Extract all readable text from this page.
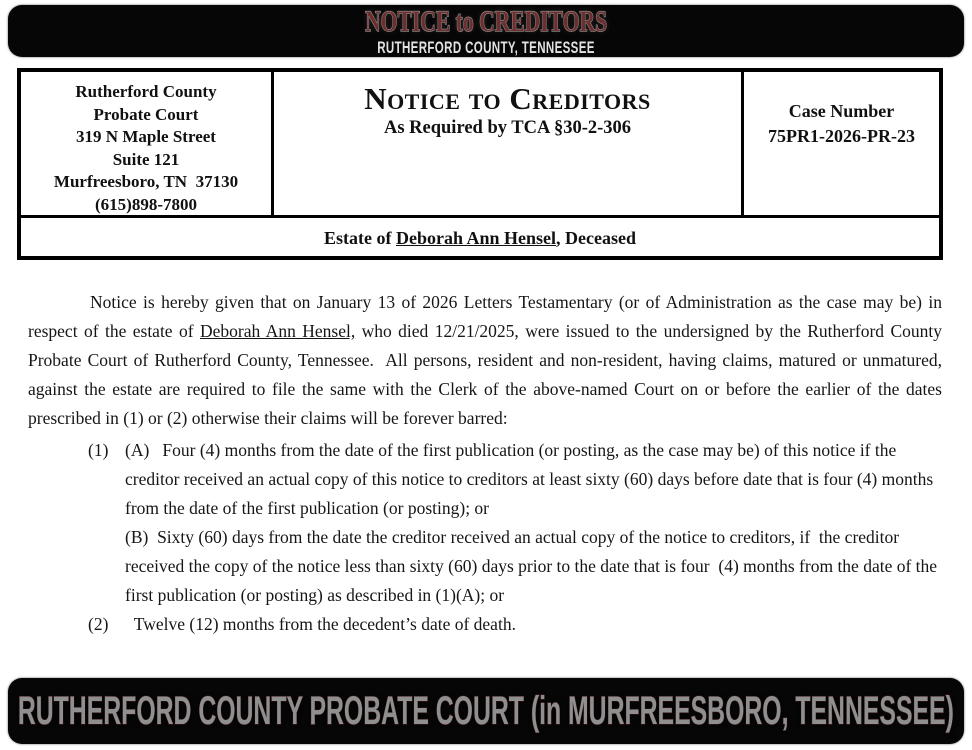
NOTICE to CREDITORS
RUTHERFORD COUNTY, TENNESSEE
Rutherford County
Probate Court
319 N Maple Street
Suite 121
Murfreesboro, TN  37130
(615)898-7800
Notice to Creditors
As Required by TCA §30-2-306
Case Number
75PR1-2026-PR-23
Estate of Deborah Ann Hensel , Deceased
Notice is hereby given that on January 13 of 2026 Letters Testamentary (or of Administration as the case may be) in respect of the estate of Deborah Ann Hensel, who died 12/21/2025, were issued to the undersigned by the Rutherford County Probate Court of Rutherford County, Tennessee.  All persons, resident and non-resident, having claims, matured or unmatured, against the estate are required to file the same with the Clerk of the above-named Court on or before the earlier of the dates prescribed in (1) or (2) otherwise their claims will be forever barred:
(1) (A)   Four (4) months from the date of the first publication (or posting, as the case may be) of this notice if the creditor received an actual copy of this notice to creditors at least sixty (60) days before date that is four (4) months from the date of the first publication (or posting); or
(B)  Sixty (60) days from the date the creditor received an actual copy of the notice to creditors, if  the creditor received the copy of the notice less than sixty (60) days prior to the date that is four  (4) months from the date of the first publication (or posting) as described in (1)(A); or
(2) Twelve (12) months from the decedent’s date of death.
RUTHERFORD COUNTY PROBATE COURT (in MURFREESBORO, TENNESSEE)
